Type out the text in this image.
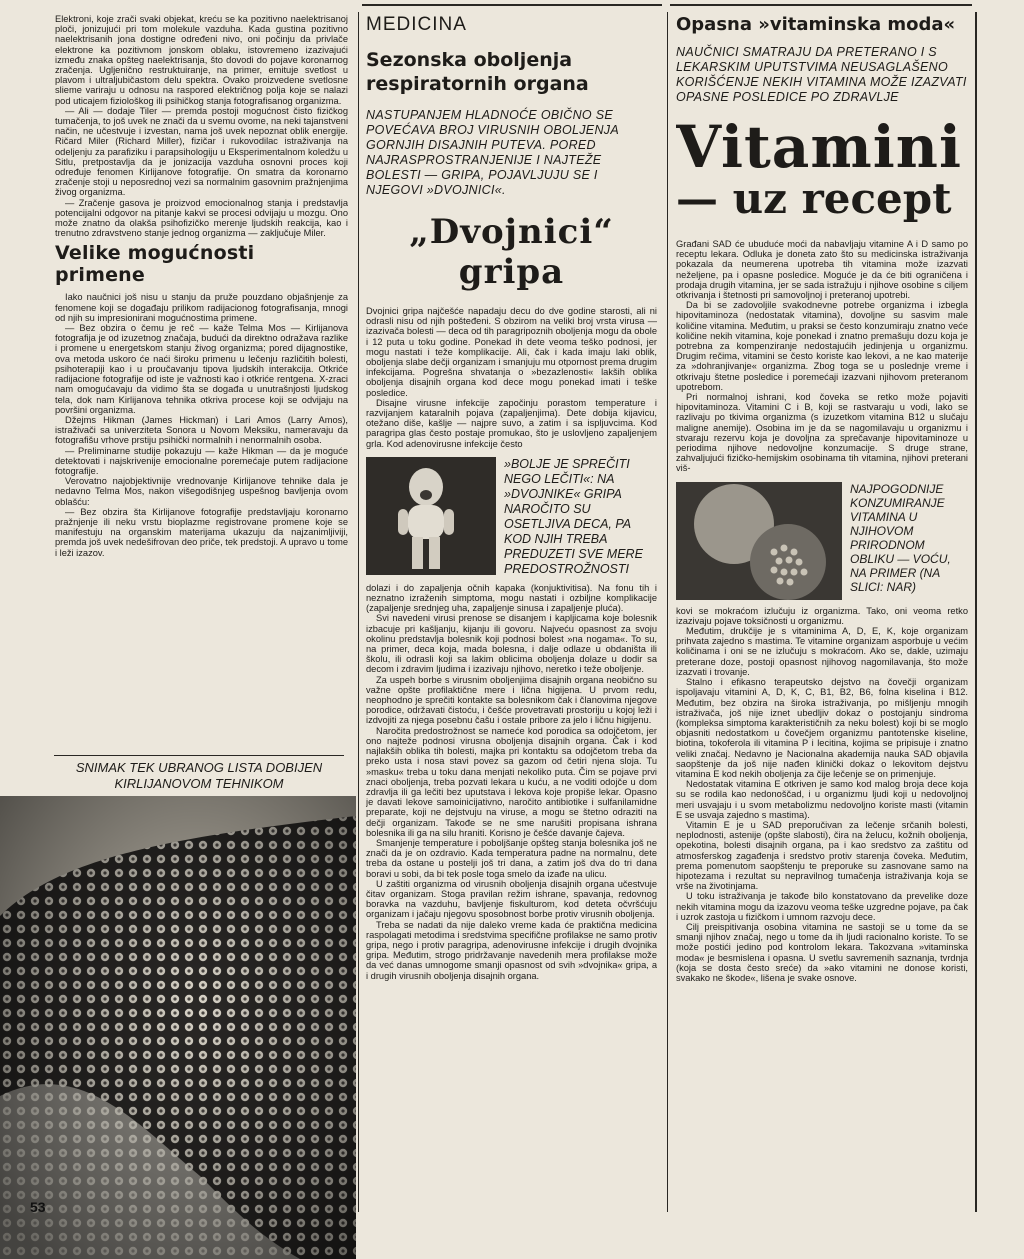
Elektroni, koje zrači svaki objekat, kreću se ka pozitivno naelektrisanoj ploči, jonizujući pri tom molekule vazduha. Kada gustina pozitivno naelektrisanih jona dostigne određeni nivo, oni počinju da privlače elektrone ka pozitivnom jonskom oblaku, istovremeno izazivajući između znaka opšteg naelektrisanja, što dovodi do pojave koronarnog zračenja. Ugljenično restruktuiranje, na primer, emituje svetlost u plavom i ultraljubičastom delu spektra. Ovako proizvedene svetlosne slieme variraju u odnosu na raspored električnog polja koje se nalazi pod uticajem fiziološkog ili psihičkog stanja fotografisanog organizma.

— Ali — dodaje Tiler — premda postoji mogućnost čisto fizičkog tumačenja, to još uvek ne znači da u svemu ovome, na neki tajanstveni način, ne učestvuje i izvestan, nama još uvek nepoznat oblik energije. Ričard Miler (Richard Miller), fizičar i rukovodilac istraživanja na odeljenju za parafiziku i parapsihologiju u Eksperimentalnom koledžu u Sitlu, pretpostavlja da je jonizacija vazduha osnovni proces koji određuje fenomen Kirlijanove fotografije. On smatra da koronarno zračenje stoji u neposrednoj vezi sa normalnim gasovnim pražnjenjima živog organizma.

— Zračenje gasova je proizvod emocionalnog stanja i predstavlja potencijalni odgovor na pitanje kakvi se procesi odvijaju u mozgu. Ono može znatno da olakša psihofizičko merenje ljudskih reakcija, kao i trenutno zdravstveno stanje jednog organizma — zaključuje Miler.

Velike mogućnosti primene

Iako naučnici još nisu u stanju da pruže pouzdano objašnjenje za fenomene koji se događaju prilikom radijacionog fotografisanja, mnogi od njih su impresionirani mogućnostima primene.

— Bez obzira o čemu je reč — kaže Telma Mos — Kirlijanova fotografija je od izuzetnog značaja, budući da direktno odražava razlike i promene u energetskom stanju živog organizma; pored dijagnostike, ova metoda uskoro će naći široku primenu u lečenju različitih bolesti, psihoterapiji kao i u proučavanju tipova ljudskih interakcija. Otkriće radijacione fotografije od iste je važnosti kao i otkriće rentgena. X-zraci nam omogućavaju da vidimo šta se događa u unutrašnjosti ljudskog tela, dok nam Kirlijanova tehnika otkriva procese koji se odvijaju na površini organizma.

Džejms Hikman (James Hickman) i Lari Amos (Larry Amos), istraživači sa univerziteta Sonora u Novom Meksiku, nameravaju da fotografišu vrhove prstiju psihički normalnih i nenormalnih osoba.

— Preliminarne studije pokazuju — kaže Hikman — da je moguće detektovati i najskrivenije emocionalne poremećaje putem radijacione fotografije.

Verovatno najobjektivnije vrednovanje Kirlijanove tehnike dala je nedavno Telma Mos, nakon višegodišnjeg uspešnog bavljenja ovom oblašću:

— Bez obzira šta Kirlijanove fotografije predstavljaju koronarno pražnjenje ili neku vrstu bioplazme registrovane promene koje se manifestuju na organskim materijama ukazuju da najzanimljiviji, premda još uvek nedešifrovan deo priče, tek predstoji. A upravo u tome i leži izazov.

SNIMAK TEK UBRANOG LISTA DOBIJEN KIRLIJANOVOM TEHNIKOM
53
MEDICINA
Sezonska oboljenja respiratornih organa
NASTUPANJEM HLADNOĆE OBIČNO SE POVEĆAVA BROJ VIRUSNIH OBOLJENJA GORNJIH DISAJNIH PUTEVA. PORED NAJRASPROSTRANJENIJE I NAJTEŽE BOLESTI — GRIPA, POJAVLJUJU SE I NJEGOVI »DVOJNICI«.
„Dvojnici“ gripa

Dvojnici gripa najčešće napadaju decu do dve godine starosti, ali ni odrasli nisu od njih pošteđeni. S obzirom na veliki broj vrsta virusa — izazivača bolesti — deca od tih paragripoznih oboljenja mogu da obole i 12 puta u toku godine. Ponekad ih dete veoma teško podnosi, jer mogu nastati i teže komplikacije. Ali, čak i kada imaju laki oblik, oboljenja slabe dečji organizam i smanjuju mu otpornost prema drugim infekcijama. Pogrešna shvatanja o »bezazlenosti« lakših oblika oboljenja disajnih organa kod dece mogu ponekad imati i teške posledice.

Disajne virusne infekcije započinju porastom temperature i razvijanjem kataralnih pojava (zapaljenjima). Dete dobija kijavicu, otežano diše, kašlje — najpre suvo, a zatim i sa ispljuvcima. Kod paragripa glas često postaje promukao, što je uslovljeno zapaljenjem grla. Kod adenovirusne infekcije često

»BOLJE JE SPREČITI NEGO LEČITI«: NA »DVOJNIKE« GRIPA NAROČITO SU OSETLJIVA DECA, PA KOD NJIH TREBA PREDUZETI SVE MERE PREDOSTROŽNOSTI

dolazi i do zapaljenja očnih kapaka (konjuktivitisa). Na fonu tih i neznatno izraženih simptoma, mogu nastati i ozbiljne komplikacije (zapaljenje srednjeg uha, zapaljenje sinusa i zapaljenje pluća).

Svi navedeni virusi prenose se disanjem i kapljicama koje bolesnik izbacuje pri kašljanju, kijanju ili govoru. Najveću opasnost za svoju okolinu predstavlja bolesnik koji podnosi bolest »na nogama«. To su, na primer, deca koja, mada bolesna, i dalje odlaze u obdaništa ili školu, ili odrasli koji sa lakim oblicima oboljenja dolaze u dodir sa decom i zdravim ljudima i izazivaju njihovo, neretko i teže oboljenje.

Za uspeh borbe s virusnim oboljenjima disajnih organa neobično su važne opšte profilaktične mere i lična higijena. U prvom redu, neophodno je sprečiti kontakte sa bolesnikom čak i članovima njegove porodice, održavati čistoću, i češće provetravati prostoriju u kojoj leži i izdvojiti za njega posebnu čašu i ostale pribore za jelo i ličnu higijenu.

Naročita predostrožnost se nameće kod porodica sa odojčetom, jer ono najteže podnosi virusna oboljenja disajnih organa. Čak i kod najlakših oblika tih bolesti, majka pri kontaktu sa odojčetom treba da preko usta i nosa stavi povez sa gazom od četiri njena sloja. Tu »masku« treba u toku dana menjati nekoliko puta. Čim se pojave prvi znaci oboljenja, treba pozvati lekara u kuću, a ne voditi odojče u dom zdravlja ili ga lečiti bez uputstava i lekova koje propiše lekar. Opasno je davati lekove samoinicijativno, naročito antibiotike i sulfanilamidne preparate, koji ne dejstvuju na viruse, a mogu se štetno odraziti na dečji organizam. Takođe se ne sme narušiti propisana ishrana bolesnika ili ga na silu hraniti. Korisno je češće davanje čajeva.

Smanjenje temperature i poboljšanje opšteg stanja bolesnika još ne znači da je on ozdravio. Kada temperatura padne na normalnu, dete treba da ostane u postelji još tri dana, a zatim još dva do tri dana boravi u sobi, da bi tek posle toga smelo da izađe na ulicu.

U zaštiti organizma od virusnih oboljenja disajnih organa učestvuje čitav organizam. Stoga pravilan režim ishrane, spavanja, redovnog boravka na vazduhu, bavljenje fiskulturom, kod deteta očvršćuju organizam i jačaju njegovu sposobnost borbe protiv virusnih oboljenja.

Treba se nadati da nije daleko vreme kada će praktična medicina raspolagati metodima i sredstvima specifične profilakse ne samo protiv gripa, nego i protiv paragripa, adenovirusne infekcije i drugih dvojnika gripa. Međutim, strogo pridržavanje navedenih mera profilakse može da već danas umnogome smanji opasnost od svih »dvojnika« gripa, a i drugih virusnih oboljenja disajnih organa.

Opasna »vitaminska moda«
NAUČNICI SMATRAJU DA PRETERANO I S LEKARSKIM UPUTSTVIMA NEUSAGLAŠENO KORIŠĆENJE NEKIH VITAMINA MOŽE IZAZVATI OPASNE POSLEDICE PO ZDRAVLJE
Vitamini
— uz recept

Građani SAD će ubuduće moći da nabavljaju vitamine A i D samo po receptu lekara. Odluka je doneta zato što su medicinska istraživanja pokazala da neumerena upotreba tih vitamina može izazvati neželjene, pa i opasne posledice. Moguće je da će biti ograničena i prodaja drugih vitamina, jer se sada istražuju i njihove osobine s ciljem otkrivanja i štetnosti pri samovoljnoj i preteranoj upotrebi.

Da bi se zadovoljile svakodnevne potrebe organizma i izbegla hipovitaminoza (nedostatak vitamina), dovoljne su sasvim male količine vitamina. Međutim, u praksi se često konzumiraju znatno veće količine nekih vitamina, koje ponekad i znatno premašuju dozu koja je potrebna za kompenziranje nedostajućih jedinjenja u organizmu. Drugim rečima, vitamini se često koriste kao lekovi, a ne kao materije za »dohranjivanje« organizma. Zbog toga se u poslednje vreme i otkrivaju štetne posledice i poremećaji izazvani njihovom preteranom upotrebom.

Pri normalnoj ishrani, kod čoveka se retko može pojaviti hipovitaminoza. Vitamini C i B, koji se rastvaraju u vodi, lako se razlivaju po tkivima organizma (s izuzetkom vitamina B12 u slučaju maligne anemije). Osobina im je da se nagomilavaju u organizmu i stvaraju rezervu koja je dovoljna za sprečavanje hipovitaminoze u periodima njihove nedovoljne konzumacije. S druge strane, zahvaljujući fizičko-hemijskim osobinama tih vitamina, njihovi preterani viš-

NAJPOGODNIJE KONZUMIRANJE VITAMINA U NJIHOVOM PRIRODNOM OBLIKU — VOĆU, NA PRIMER (NA SLICI: NAR)

kovi se mokraćom izlučuju iz organizma. Tako, oni veoma retko izazivaju pojave toksičnosti u organizmu.

Međutim, drukčije je s vitaminima A, D, E, K, koje organizam prihvata zajedno s mastima. Te vitamine organizam asporbuje u većim količinama i oni se ne izlučuju s mokraćom. Ako se, dakle, uzimaju preterane doze, postoji opasnost njihovog nagomilavanja, što može izazvati i trovanje.

Stalno i efikasno terapeutsko dejstvo na čovečji organizam ispoljavaju vitamini A, D, K, C, B1, B2, B6, folna kiselina i B12. Međutim, bez obzira na široka istraživanja, po mišljenju mnogih istraživača, još nije iznet ubedljiv dokaz o postojanju sindroma (kompleksa simptoma karakterističnih za neku bolest) koji bi se moglo objasniti nedostatkom u čovečjem organizmu pantotenske kiseline, biotina, tokoferola ili vitamina P i lecitina, kojima se pripisuje i znatno veliki značaj. Nedavno je Nacionalna akademija nauka SAD objavila saopštenje da još nije nađen klinički dokaz o lekovitom dejstvu vitamina E kod nekih oboljenja za čije lečenje se on primenjuje.

Nedostatak vitamina E otkriven je samo kod malog broja dece koja su se rodila kao nedonoščad, i u organizmu ljudi koji u nedovoljnoj meri usvajaju i u svom metabolizmu nedovoljno koriste masti (vitamin E se usvaja zajedno s mastima).

Vitamin E je u SAD preporučivan za lečenje srčanih bolesti, neplodnosti, astenije (opšte slabosti), čira na želucu, kožnih oboljenja, opekotina, bolesti disajnih organa, pa i kao sredstvo za zaštitu od atmosferskog zagađenja i sredstvo protiv starenja čoveka. Međutim, prema pomenutom saopštenju te preporuke su zasnovane samo na hipotezama i rezultat su nepravilnog tumačenja istraživanja koja se vrše na životinjama.

U toku istraživanja je takođe bilo konstatovano da prevelike doze nekih vitamina mogu da izazovu veoma teške uzgredne pojave, pa čak i uzrok zastoja u fizičkom i umnom razvoju dece.

Cilj preispitivanja osobina vitamina ne sastoji se u tome da se smanji njihov značaj, nego u tome da ih ljudi racionalno koriste. To se može postići jedino pod kontrolom lekara. Takozvana »vitaminska moda« je besmislena i opasna. U svetlu savremenih saznanja, tvrdnja (koja se dosta često sreće) da »ako vitamini ne donose koristi, svakako ne škode«, lišena je svake osnove.
